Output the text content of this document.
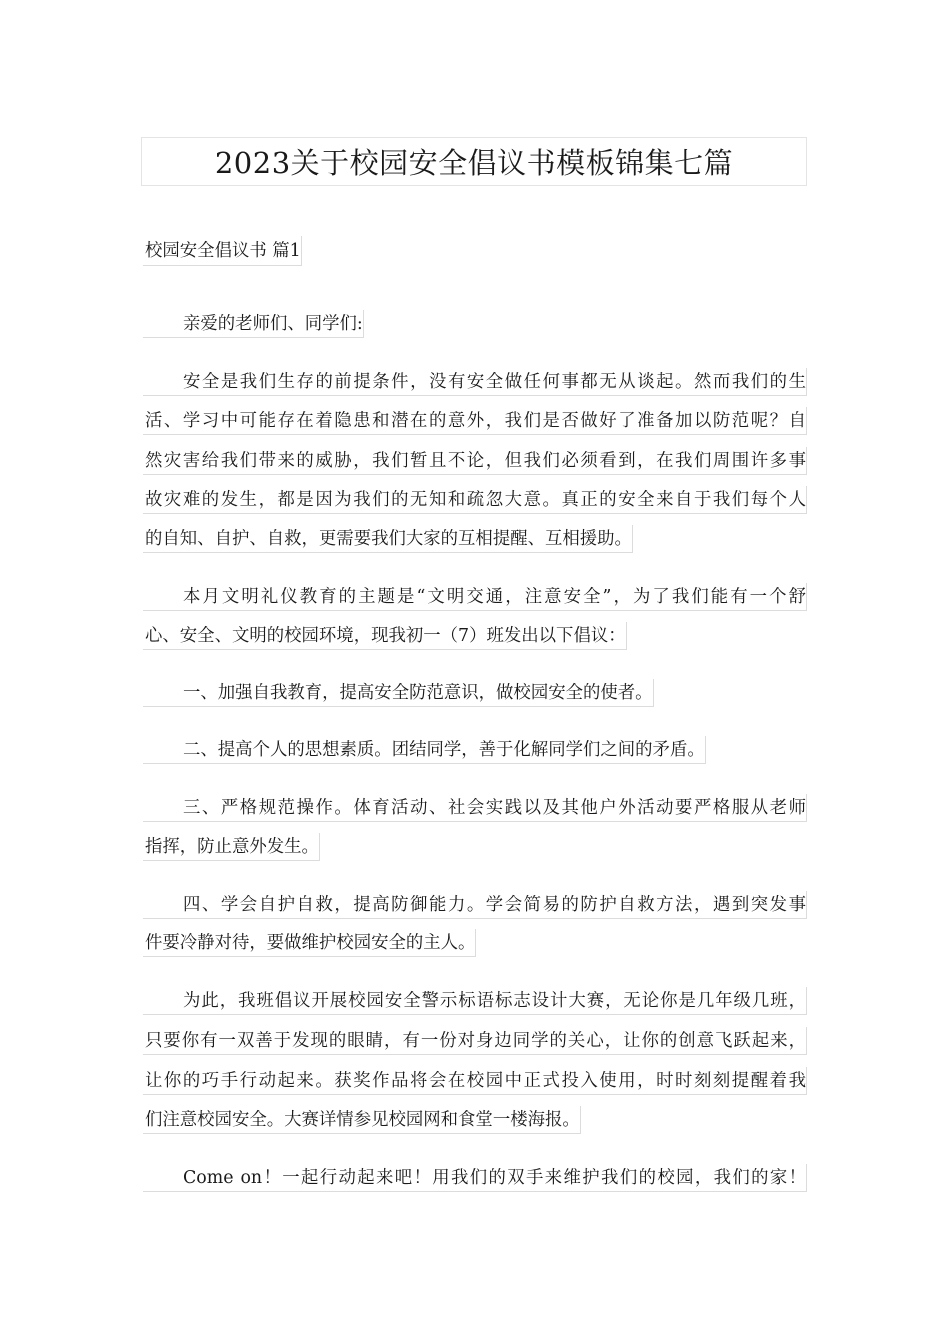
2023关于校园安全倡议书模板锦集七篇
校园安全倡议书 篇1
亲爱的老师们、同学们:
安全是我们生存的前提条件，没有安全做任何事都无从谈起。然而我们的生
活、学习中可能存在着隐患和潜在的意外，我们是否做好了准备加以防范呢？自
然灾害给我们带来的威胁，我们暂且不论，但我们必须看到，在我们周围许多事
故灾难的发生，都是因为我们的无知和疏忽大意。真正的安全来自于我们每个人
的自知、自护、自救，更需要我们大家的互相提醒、互相援助。
本月文明礼仪教育的主题是“文明交通，注意安全”，为了我们能有一个舒
心、安全、文明的校园环境，现我初一（7）班发出以下倡议：
一、加强自我教育，提高安全防范意识，做校园安全的使者。
二、提高个人的思想素质。团结同学，善于化解同学们之间的矛盾。
三、严格规范操作。体育活动、社会实践以及其他户外活动要严格服从老师
指挥，防止意外发生。
四、学会自护自救，提高防御能力。学会简易的防护自救方法，遇到突发事
件要冷静对待，要做维护校园安全的主人。
为此，我班倡议开展校园安全警示标语标志设计大赛，无论你是几年级几班，
只要你有一双善于发现的眼睛，有一份对身边同学的关心，让你的创意飞跃起来，
让你的巧手行动起来。获奖作品将会在校园中正式投入使用，时时刻刻提醒着我
们注意校园安全。大赛详情参见校园网和食堂一楼海报。
Come on！一起行动起来吧！用我们的双手来维护我们的校园，我们的家！
